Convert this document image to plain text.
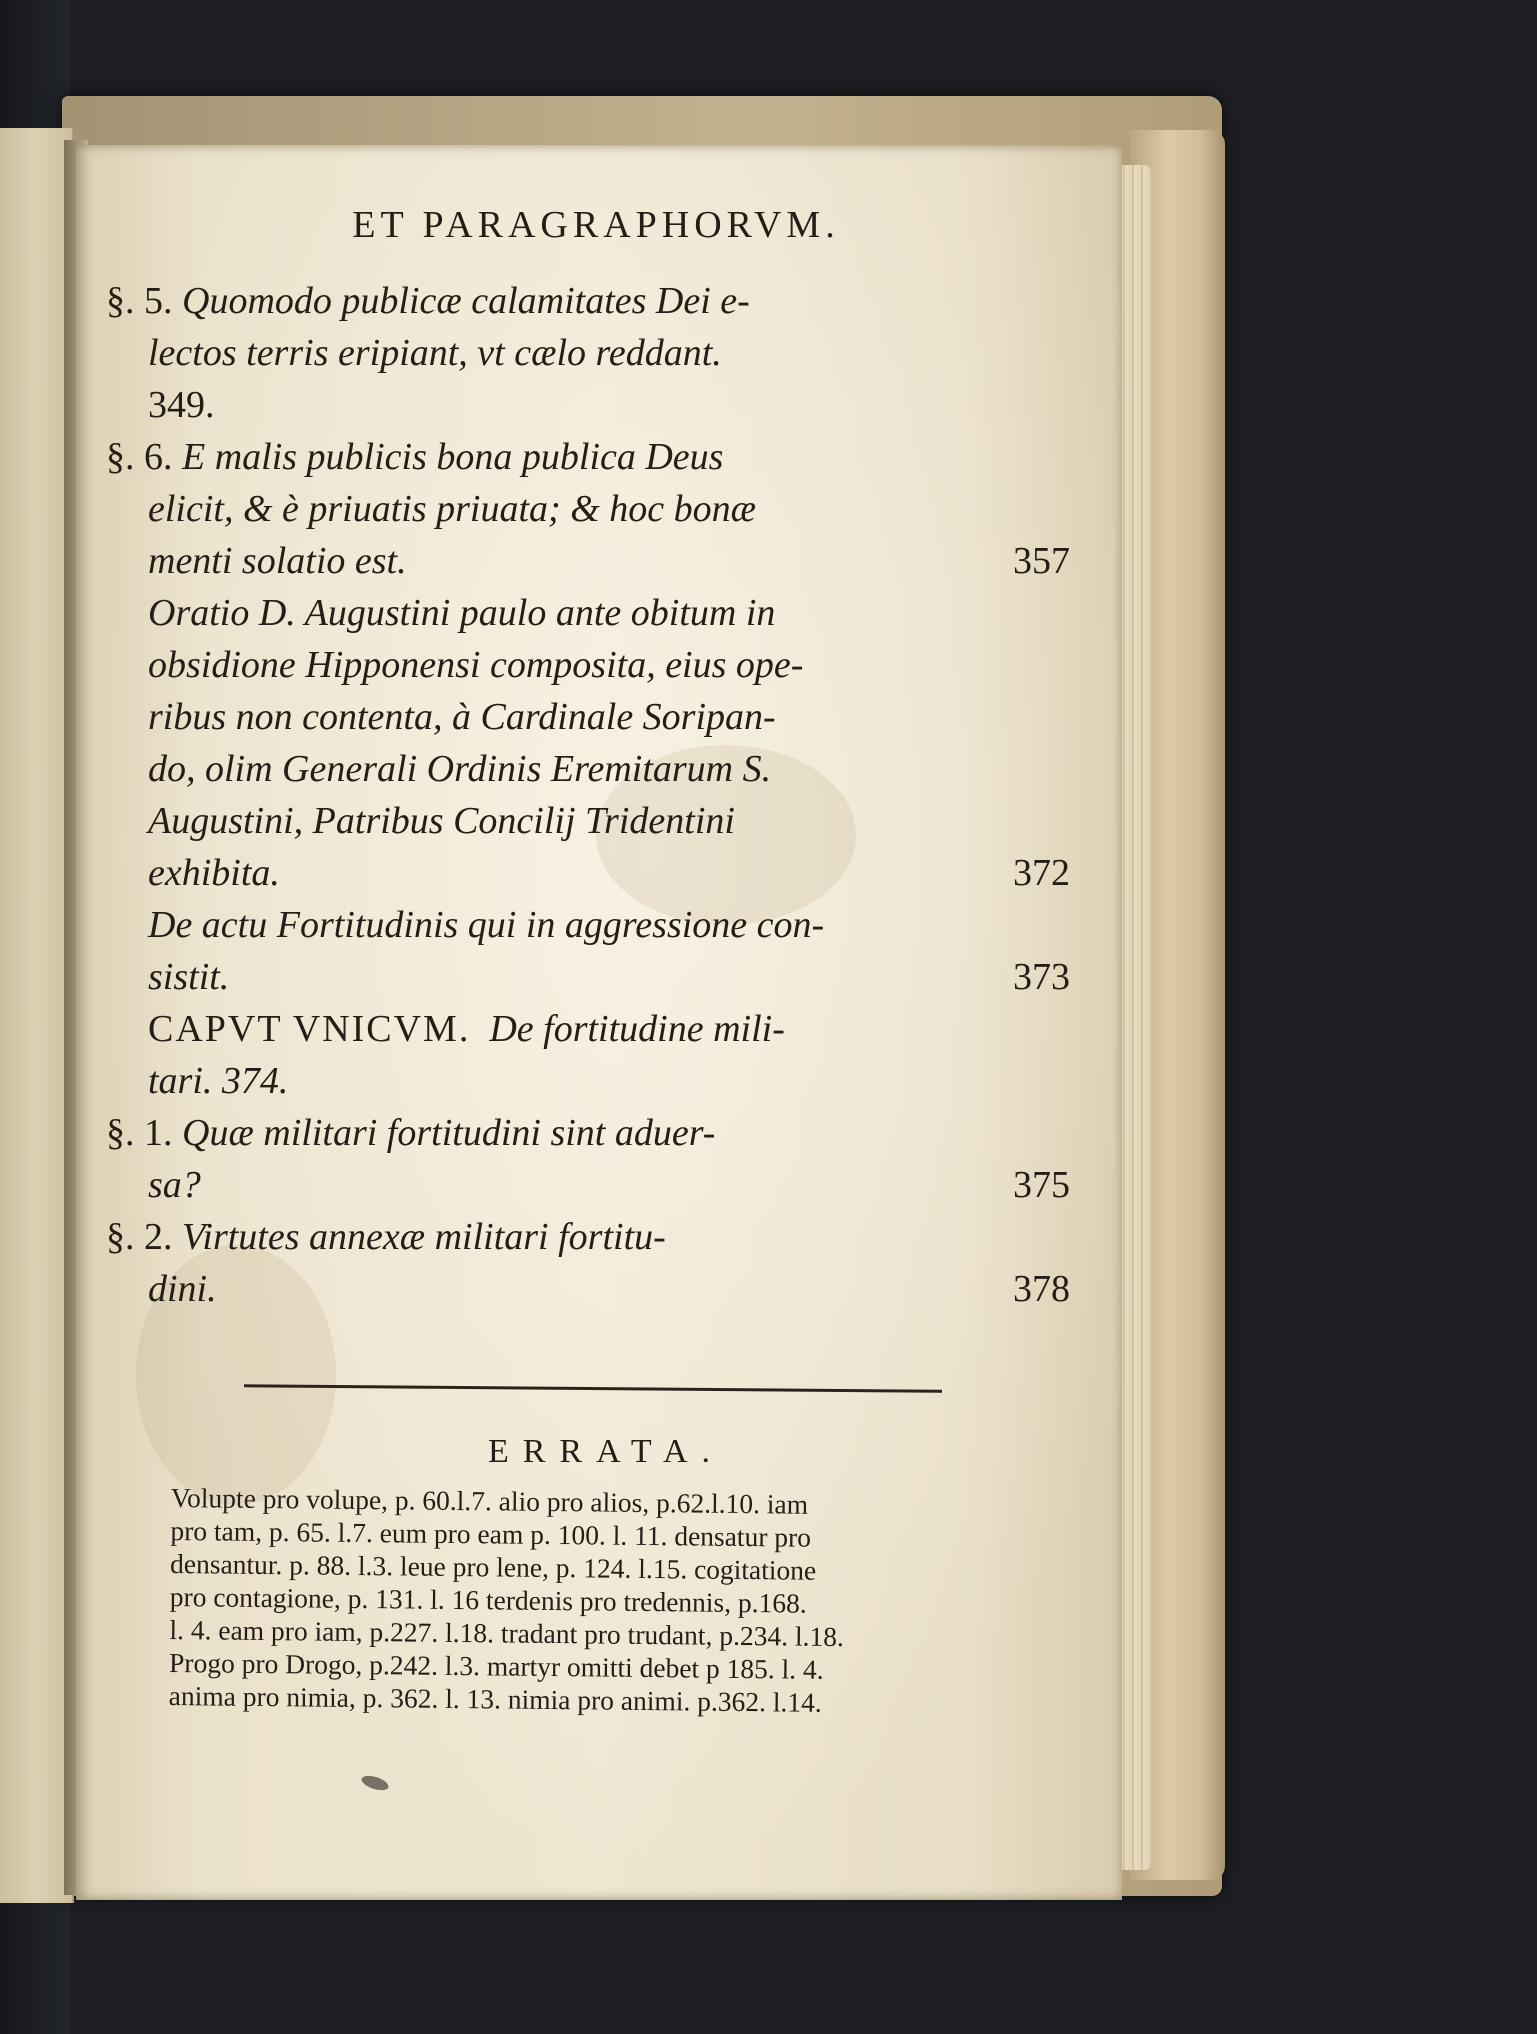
ET PARAGRAPHORVM.
§. 5. Quomodo publicæ calamitates Dei e-
lectos terris eripiant, vt cælo reddant.
349.
§. 6. E malis publicis bona publica Deus
elicit, & è priuatis priuata; & hoc bonæ
menti solatio est.	357
Oratio D. Augustini paulo ante obitum in
obsidione Hipponensi composita, eius ope-
ribus non contenta, à Cardinale Soripan-
do, olim Generali Ordinis Eremitarum S.
Augustini, Patribus Concilij Tridentini
exhibita.	372
De actu Fortitudinis qui in aggressione con-
sistit.	373
CAPVT VNICVM. De fortitudine mili-
tari. 374.
§. 1. Quæ militari fortitudini sint aduer-
sa?	375
§. 2. Virtutes annexæ militari fortitu-
dini.	378
ERRATA.
Volupte pro volupe, p. 60.l.7. alio pro alios, p.62.l.10. iam
pro tam, p. 65. l.7. eum pro eam p. 100. l. 11. densatur pro
densantur. p. 88. l.3. leue pro lene, p. 124. l.15. cogitatione
pro contagione, p. 131. l. 16 terdenis pro tredennis, p.168.
l. 4. eam pro iam, p.227. l.18. tradant pro trudant, p.234. l.18.
Progo pro Drogo, p.242. l.3. martyr omitti debet p 185. l. 4.
anima pro nimia, p. 362. l. 13. nimia pro animi. p.362. l.14.
